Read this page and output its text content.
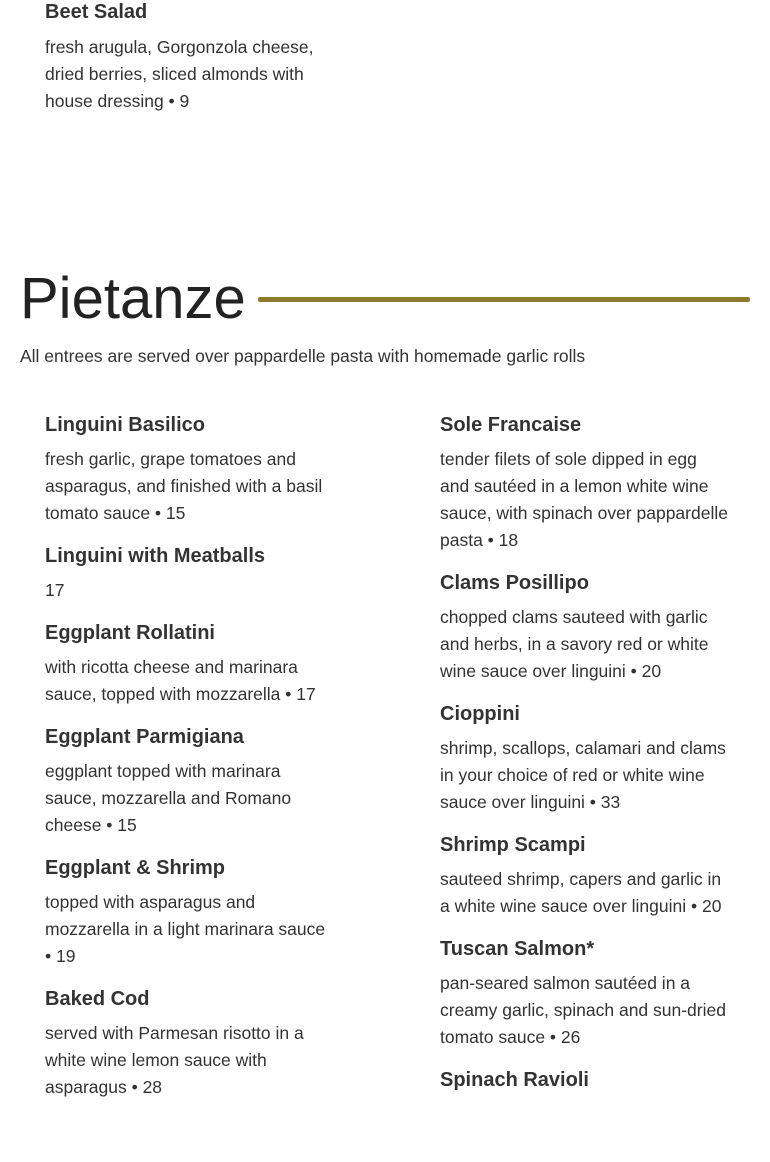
Beet Salad

fresh arugula, Gorgonzola cheese, dried berries, sliced almonds with house dressing • 9

Pietanze

All entrees are served over pappardelle pasta with homemade garlic rolls

Linguini Basilico

fresh garlic, grape tomatoes and asparagus, and finished with a basil tomato sauce • 15

Linguini with Meatballs

17

Eggplant Rollatini

with ricotta cheese and marinara sauce, topped with mozzarella • 17

Eggplant Parmigiana

eggplant topped with marinara sauce, mozzarella and Romano cheese • 15

Eggplant & Shrimp

topped with asparagus and mozzarella in a light marinara sauce • 19

Baked Cod

served with Parmesan risotto in a white wine lemon sauce with asparagus • 28

Sole Francaise

tender filets of sole dipped in egg and sautéed in a lemon white wine sauce, with spinach over pappardelle pasta • 18

Clams Posillipo

chopped clams sauteed with garlic and herbs, in a savory red or white wine sauce over linguini • 20

Cioppini

shrimp, scallops, calamari and clams in your choice of red or white wine sauce over linguini • 33

Shrimp Scampi

sauteed shrimp, capers and garlic in a white wine sauce over linguini • 20

Tuscan Salmon*

pan-seared salmon sautéed in a creamy garlic, spinach and sun-dried tomato sauce • 26

Spinach Ravioli
